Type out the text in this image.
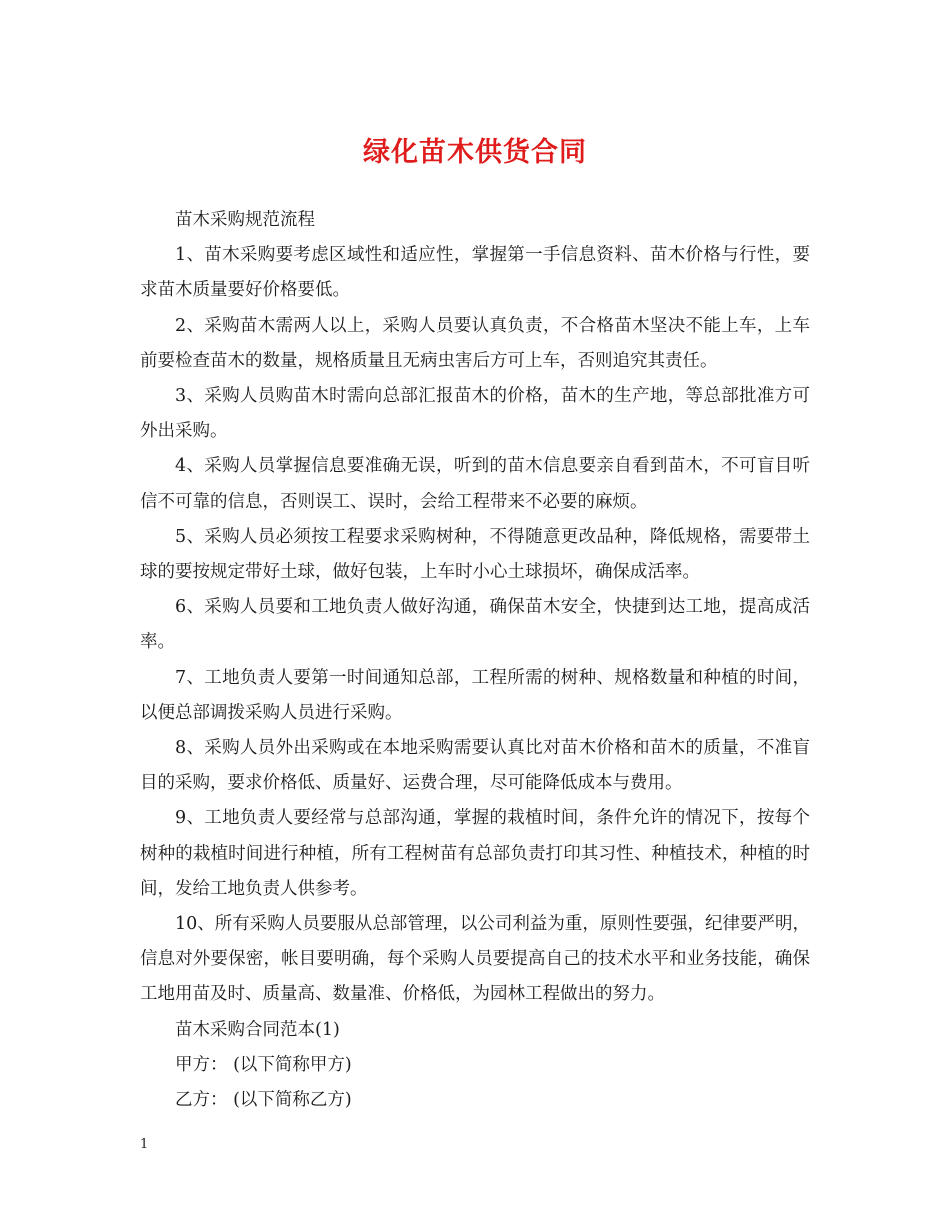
绿化苗木供货合同

苗木采购规范流程

1、苗木采购要考虑区域性和适应性，掌握第一手信息资料、苗木价格与行性，要求苗木质量要好价格要低。

2、采购苗木需两人以上，采购人员要认真负责，不合格苗木坚决不能上车，上车前要检查苗木的数量，规格质量且无病虫害后方可上车，否则追究其责任。

3、采购人员购苗木时需向总部汇报苗木的价格，苗木的生产地，等总部批准方可外出采购。

4、采购人员掌握信息要准确无误，听到的苗木信息要亲自看到苗木，不可盲目听信不可靠的信息，否则误工、误时，会给工程带来不必要的麻烦。

5、采购人员必须按工程要求采购树种，不得随意更改品种，降低规格，需要带土球的要按规定带好土球，做好包装，上车时小心土球损坏，确保成活率。

6、采购人员要和工地负责人做好沟通，确保苗木安全，快捷到达工地，提高成活率。

7、工地负责人要第一时间通知总部，工程所需的树种、规格数量和种植的时间，以便总部调拨采购人员进行采购。

8、采购人员外出采购或在本地采购需要认真比对苗木价格和苗木的质量，不准盲目的采购，要求价格低、质量好、运费合理，尽可能降低成本与费用。

9、工地负责人要经常与总部沟通，掌握的栽植时间，条件允许的情况下，按每个树种的栽植时间进行种植，所有工程树苗有总部负责打印其习性、种植技术，种植的时间，发给工地负责人供参考。

10、所有采购人员要服从总部管理，以公司利益为重，原则性要强，纪律要严明，信息对外要保密，帐目要明确，每个采购人员要提高自己的技术水平和业务技能，确保工地用苗及时、质量高、数量准、价格低，为园林工程做出的努力。

苗木采购合同范本(1)

甲方： (以下简称甲方)

乙方： (以下简称乙方)

1
